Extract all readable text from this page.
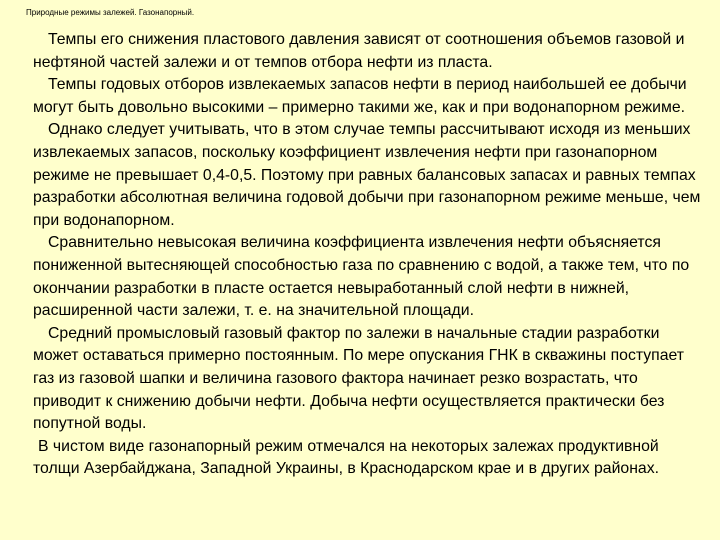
Природные режимы залежей. Газонапорный.

Темпы его снижения пластового давления зависят от соотношения объемов газовой и нефтяной частей залежи и от темпов отбора нефти из пласта.

Темпы годовых отборов извлекаемых запасов нефти в период наибольшей ее добычи могут быть довольно высокими – примерно такими же, как и при водонапорном режиме.

Однако следует учитывать, что в этом случае темпы рассчитывают исходя из меньших извлекаемых запасов, поскольку коэффициент извлечения нефти при газонапорном режиме не превышает 0,4-0,5. Поэтому при равных балансовых запасах и равных темпах разработки абсолютная величина годовой добычи при газонапорном режиме меньше, чем при водонапорном.

Сравнительно невысокая величина коэффициента извлечения нефти объясняется пониженной вытесняющей способностью газа по сравнению с водой, а также тем, что по окончании разработки в пласте остается невыработанный слой нефти в нижней, расширенной части залежи, т. е. на значительной площади.

Средний промысловый газовый фактор по залежи в начальные стадии разработки может оставаться примерно постоянным. По мере опускания ГНК в скважины поступает газ из газовой шапки и величина газового фактора начинает резко возрастать, что приводит к снижению добычи нефти. Добыча нефти осуществляется практически без попутной воды.

В чистом виде газонапорный режим отмечался на некоторых залежах продуктивной толщи Азербайджана, Западной Украины, в Краснодарском крае и в других районах.
